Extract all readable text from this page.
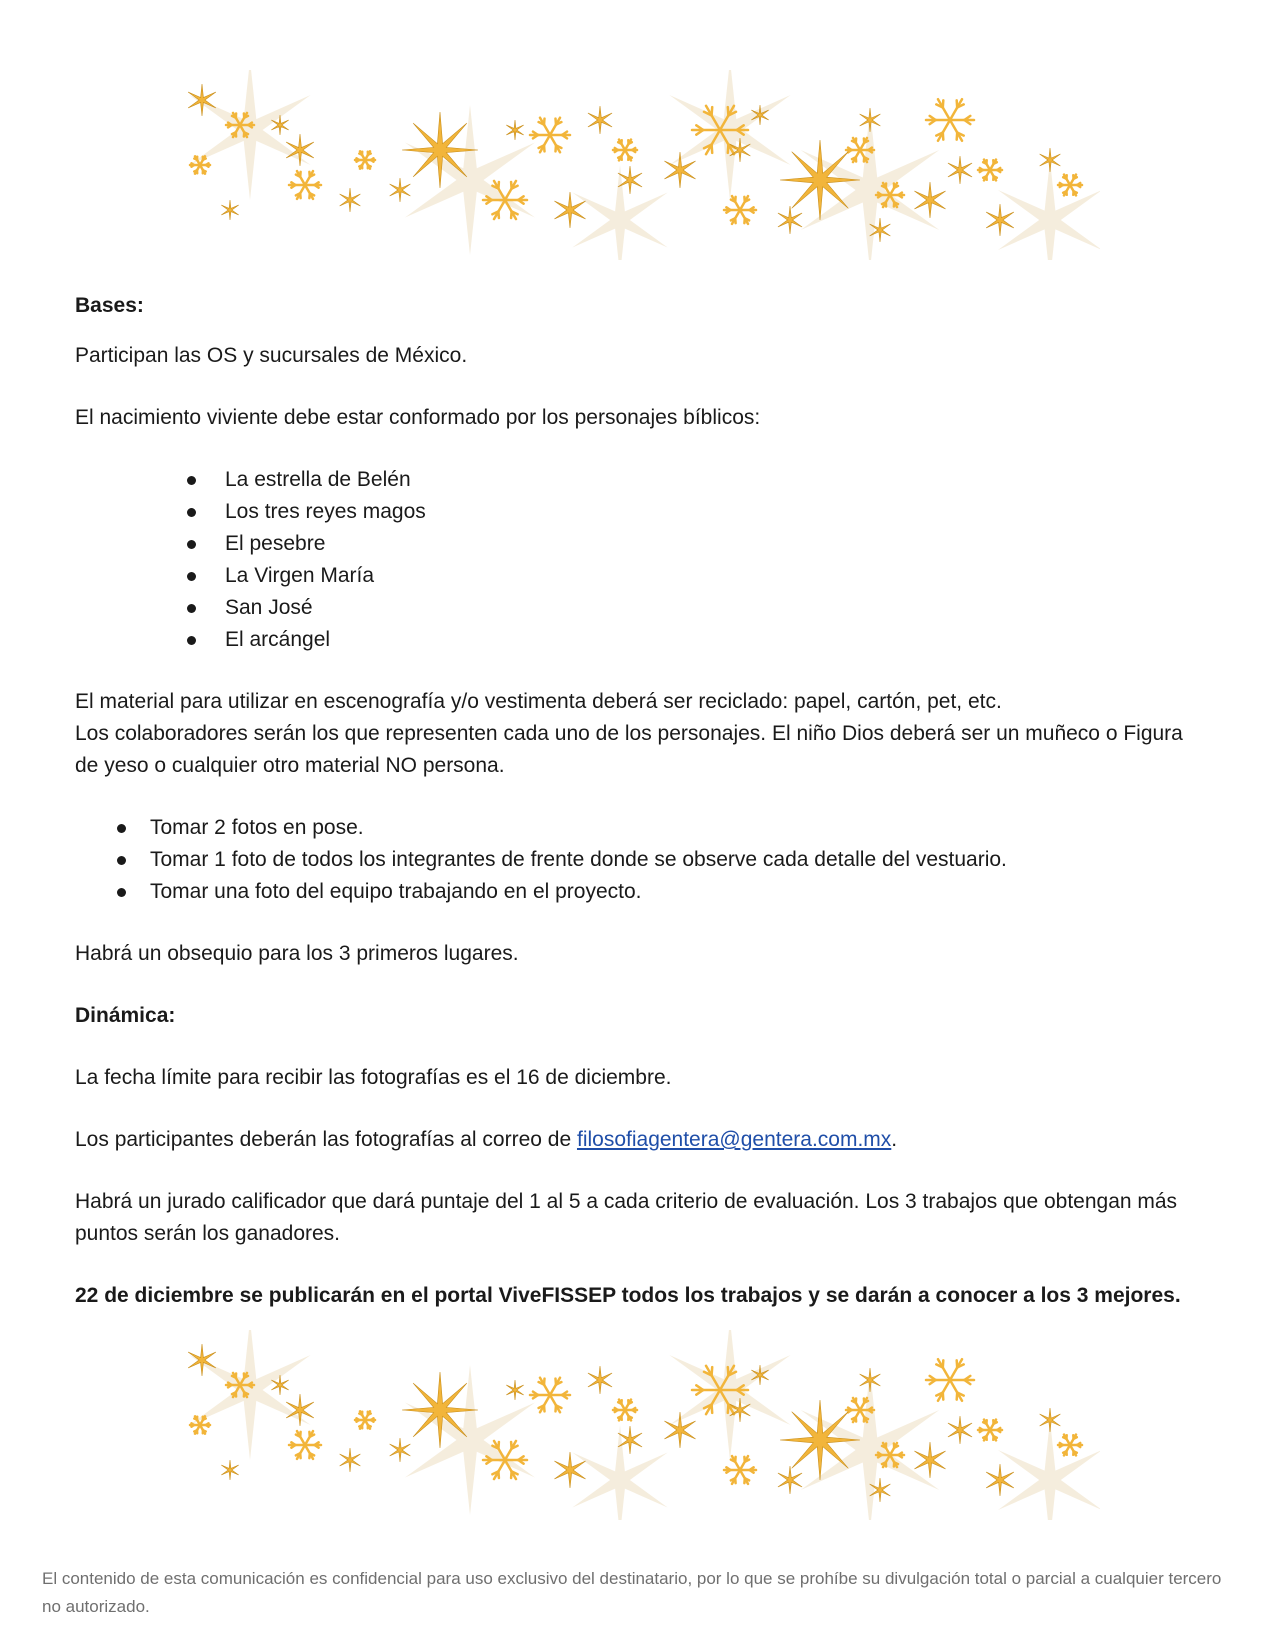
Bases:

Participan las OS y sucursales de México.

El nacimiento viviente debe estar conformado por los personajes bíblicos:

La estrella de Belén
Los tres reyes magos
El pesebre
La Virgen María
San José
El arcángel

El material para utilizar en escenografía y/o vestimenta deberá ser reciclado: papel, cartón, pet, etc.

Los colaboradores serán los que representen cada uno de los personajes. El niño Dios deberá ser un muñeco o Figura de yeso o cualquier otro material NO persona.

Tomar 2 fotos en pose.
Tomar 1 foto de todos los integrantes de frente donde se observe cada detalle del vestuario.
Tomar una foto del equipo trabajando en el proyecto.

Habrá un obsequio para los 3 primeros lugares.

Dinámica:

La fecha límite para recibir las fotografías es el 16 de diciembre.

Los participantes deberán las fotografías al correo de filosofiagentera@gentera.com.mx.

Habrá un jurado calificador que dará puntaje del 1 al 5 a cada criterio de evaluación. Los 3 trabajos que obtengan más puntos serán los ganadores.

22 de diciembre se publicarán en el portal ViveFISSEP todos los trabajos y se darán a conocer a los 3 mejores.

El contenido de esta comunicación es confidencial para uso exclusivo del destinatario, por lo que se prohíbe su divulgación total o parcial a cualquier tercero no autorizado.
